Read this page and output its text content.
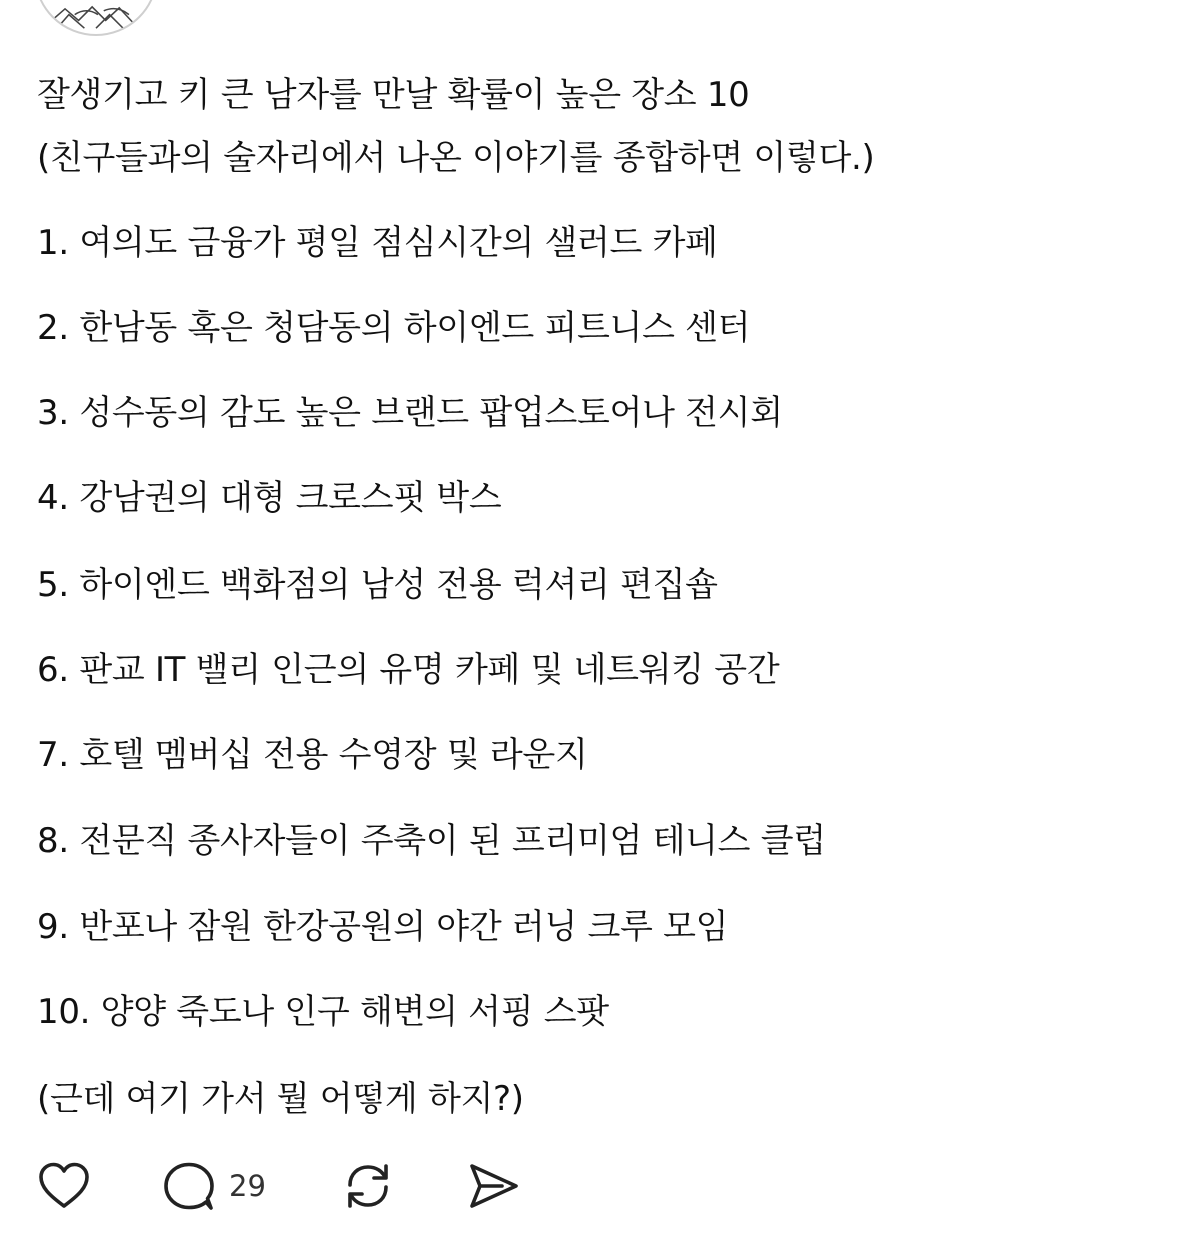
잘생기고 키 큰 남자를 만날 확률이 높은 장소 10
(친구들과의 술자리에서 나온 이야기를 종합하면 이렇다.)
1. 여의도 금융가 평일 점심시간의 샐러드 카페
2. 한남동 혹은 청담동의 하이엔드 피트니스 센터
3. 성수동의 감도 높은 브랜드 팝업스토어나 전시회
4. 강남권의 대형 크로스핏 박스
5. 하이엔드 백화점의 남성 전용 럭셔리 편집숍
6. 판교 IT 밸리 인근의 유명 카페 및 네트워킹 공간
7. 호텔 멤버십 전용 수영장 및 라운지
8. 전문직 종사자들이 주축이 된 프리미엄 테니스 클럽
9. 반포나 잠원 한강공원의 야간 러닝 크루 모임
10. 양양 죽도나 인구 해변의 서핑 스팟
(근데 여기 가서 뭘 어떻게 하지?)
29
